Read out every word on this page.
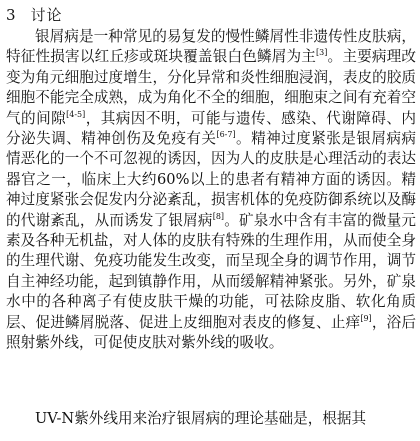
3 讨论
银屑病是一种常见的易复发的慢性鳞屑性非遗传性皮肤病，特征性损害以红丘疹或斑块覆盖银白色鳞屑为主[3]。主要病理改变为角元细胞过度增生，分化异常和炎性细胞浸润，表皮的胶质细胞不能完全成熟，成为角化不全的细胞，细胞束之间有充着空气的间隙[4-5]，其病因不明，可能与遗传、感染、代谢障碍、内分泌失调、精神创伤及免疫有关[6-7]。精神过度紧张是银屑病病情恶化的一个不可忽视的诱因，因为人的皮肤是心理活动的表达器官之一，临床上大约60%以上的患者有精神方面的诱因。精神过度紧张会促发内分泌紊乱，损害机体的免疫防御系统以及酶的代谢紊乱，从而诱发了银屑病[8]。矿泉水中含有丰富的微量元素及各种无机盐，对人体的皮肤有特殊的生理作用，从而使全身的生理代谢、免疫功能发生改变，而呈现全身的调节作用，调节自主神经功能，起到镇静作用，从而缓解精神紧张。另外，矿泉水中的各种离子有使皮肤干燥的功能，可祛除皮脂、软化角质层、促进鳞屑脱落、促进上皮细胞对表皮的修复、止痒[9]，浴后照射紫外线，可促使皮肤对紫外线的吸收。
UV-N紫外线用来治疗银屑病的理论基础是，根据其
